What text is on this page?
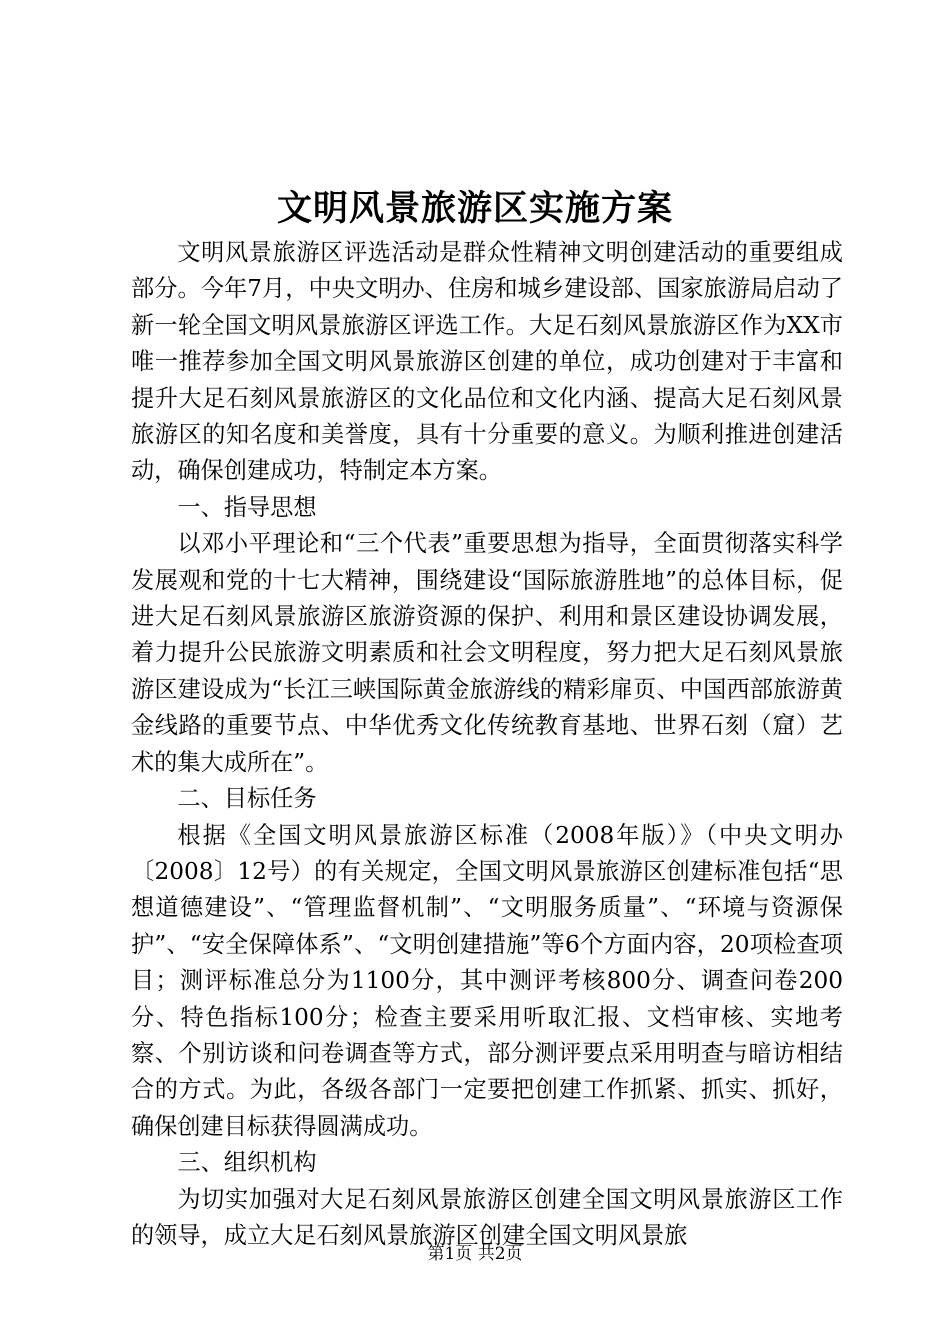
文明风景旅游区实施方案

文明风景旅游区评选活动是群众性精神文明创建活动的重要组成部分。今年7月，中央文明办、住房和城乡建设部、国家旅游局启动了新一轮全国文明风景旅游区评选工作。大足石刻风景旅游区作为XX市唯一推荐参加全国文明风景旅游区创建的单位，成功创建对于丰富和提升大足石刻风景旅游区的文化品位和文化内涵、提高大足石刻风景旅游区的知名度和美誉度，具有十分重要的意义。为顺利推进创建活动，确保创建成功，特制定本方案。

一、指导思想

以邓小平理论和“三个代表”重要思想为指导，全面贯彻落实科学发展观和党的十七大精神，围绕建设“国际旅游胜地”的总体目标，促进大足石刻风景旅游区旅游资源的保护、利用和景区建设协调发展，着力提升公民旅游文明素质和社会文明程度，努力把大足石刻风景旅游区建设成为“长江三峡国际黄金旅游线的精彩扉页、中国西部旅游黄金线路的重要节点、中华优秀文化传统教育基地、世界石刻（窟）艺术的集大成所在”。

二、目标任务

根据《全国文明风景旅游区标准（2008年版）》（中央文明办〔2008〕12号）的有关规定，全国文明风景旅游区创建标准包括“思想道德建设”、“管理监督机制”、“文明服务质量”、“环境与资源保护”、“安全保障体系”、“文明创建措施”等6个方面内容，20项检查项目；测评标准总分为1100分，其中测评考核800分、调查问卷200分、特色指标100分；检查主要采用听取汇报、文档审核、实地考察、个别访谈和问卷调查等方式，部分测评要点采用明查与暗访相结合的方式。为此，各级各部门一定要把创建工作抓紧、抓实、抓好，确保创建目标获得圆满成功。

三、组织机构

为切实加强对大足石刻风景旅游区创建全国文明风景旅游区工作的领导，成立大足石刻风景旅游区创建全国文明风景旅

第1页 共2页
